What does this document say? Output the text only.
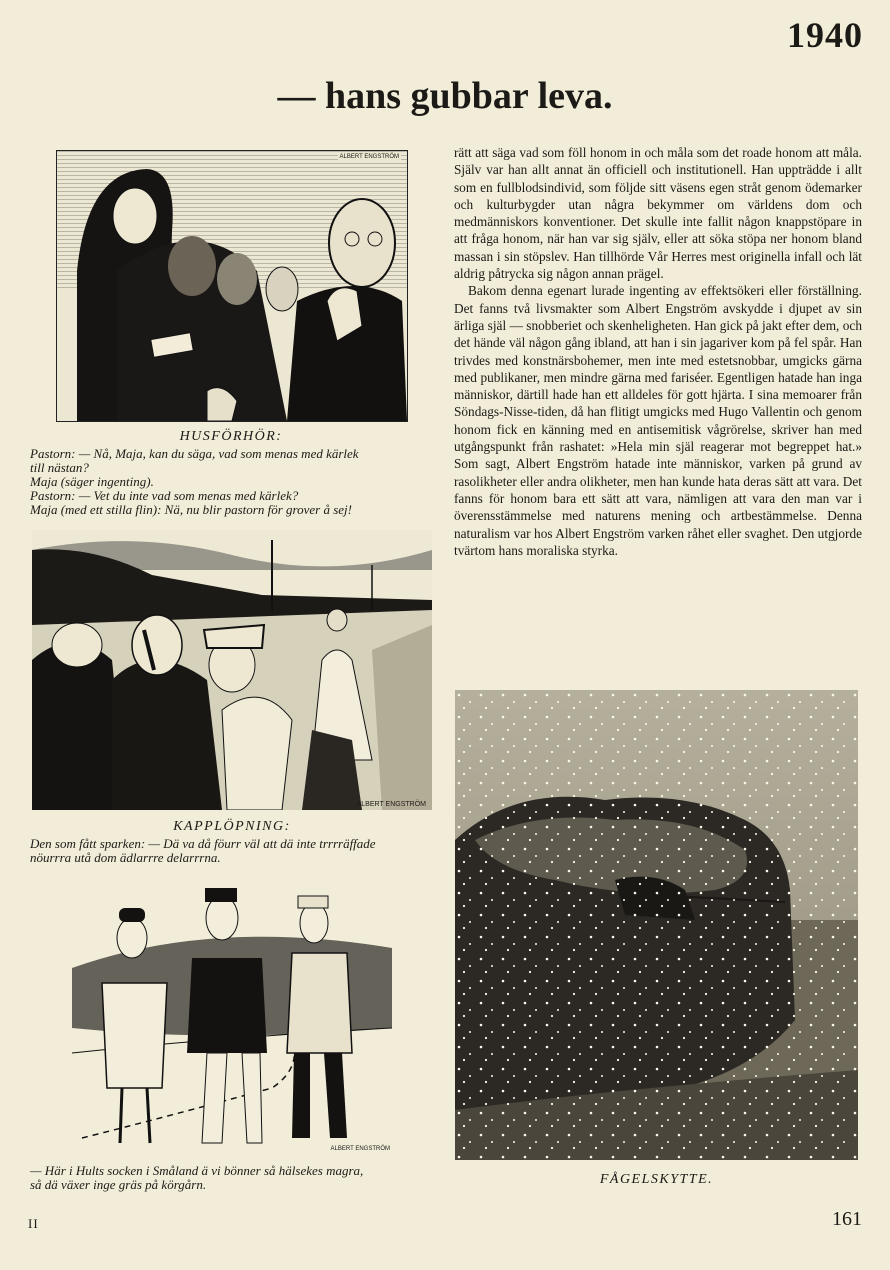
1940
— hans gubbar leva.
ALBERT ENGSTRÖM
HUSFÖRHÖR:
Pastorn: — Nå, Maja, kan du säga, vad som menas med kärlek
till nästan?
Maja (säger ingenting).
Pastorn: — Vet du inte vad som menas med kärlek?
Maja (med ett stilla flin): Nä, nu blir pastorn för grover å sej!
ALBERT ENGSTRÖM
KAPPLÖPNING:
Den som fått sparken: — Dä va då föurr väl att dä inte trrrräffade
nöurrra utå dom ädlarrre delarrrna.
ALBERT ENGSTRÖM
— Här i Hults socken i Småland ä vi bönner så hälsekes magra,
så dä växer inge gräs på körgårn.

rätt att säga vad som föll honom in och måla som det roade honom att måla. Själv var han allt annat än officiell och institutionell. Han uppträdde i allt som en fullblodsindivid, som följde sitt väsens egen stråt genom ödemarker och kulturbygder utan några bekymmer om världens dom och medmänniskors konventioner. Det skulle inte fallit någon knappstöpare in att fråga honom, när han var sig själv, eller att söka stöpa ner honom bland massan i sin stöpslev. Han tillhörde Vår Herres mest originella infall och lät aldrig påtrycka sig någon annan prägel.

Bakom denna egenart lurade ingenting av effektsökeri eller förställning. Det fanns två livsmakter som Albert Engström avskydde i djupet av sin ärliga själ — snobberiet och skenheligheten. Han gick på jakt efter dem, och det hände väl någon gång ibland, att han i sin jagariver kom på fel spår. Han trivdes med konstnärsbohemer, men inte med estetsnobbar, umgicks gärna med publikaner, men mindre gärna med fariséer. Egentligen hatade han inga människor, därtill hade han ett alldeles för gott hjärta. I sina memoarer från Söndags-Nisse-tiden, då han flitigt umgicks med Hugo Vallentin och genom honom fick en känning med en antisemitisk vågrörelse, skriver han med utgångspunkt från rashatet: »Hela min själ reagerar mot begreppet hat.» Som sagt, Albert Engström hatade inte människor, varken på grund av rasolikheter eller andra olikheter, men han kunde hata deras sätt att vara. Det fanns för honom bara ett sätt att vara, nämligen att vara den man var i överensstämmelse med naturens mening och artbestämmelse. Denna naturalism var hos Albert Engström varken råhet eller svaghet. Den utgjorde tvärtom hans moraliska styrka.

FÅGELSKYTTE.
II	161
